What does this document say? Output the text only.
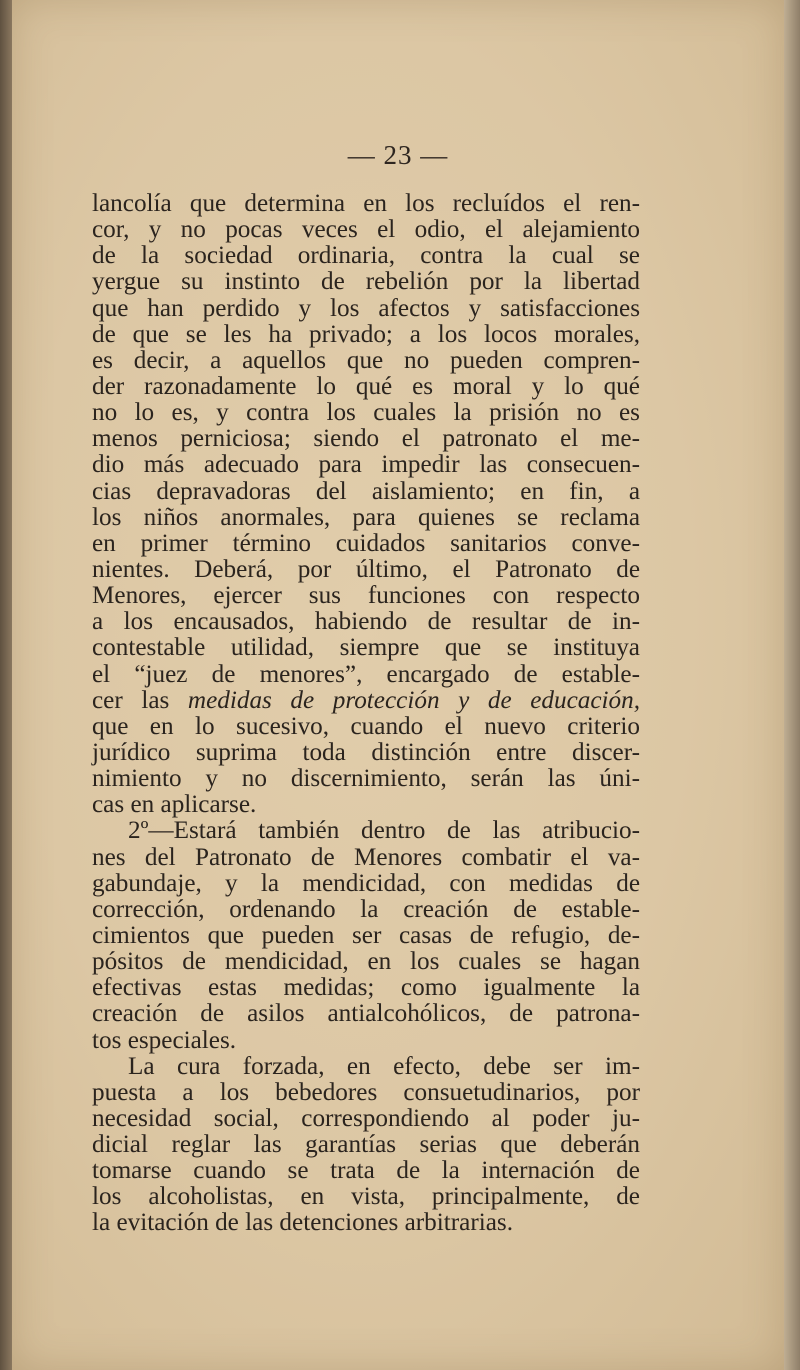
— 23 —
lancolía que determina en los recluídos el ren-
cor, y no pocas veces el odio, el alejamiento
de la sociedad ordinaria, contra la cual se
yergue su instinto de rebelión por la libertad
que han perdido y los afectos y satisfacciones
de que se les ha privado; a los locos morales,
es decir, a aquellos que no pueden compren-
der razonadamente lo qué es moral y lo qué
no lo es, y contra los cuales la prisión no es
menos perniciosa; siendo el patronato el me-
dio más adecuado para impedir las consecuen-
cias depravadoras del aislamiento; en fin, a
los niños anormales, para quienes se reclama
en primer término cuidados sanitarios conve-
nientes. Deberá, por último, el Patronato de
Menores, ejercer sus funciones con respecto
a los encausados, habiendo de resultar de in-
contestable utilidad, siempre que se instituya
el “juez de menores”, encargado de estable-
cer las medidas de protección y de educación,
que en lo sucesivo, cuando el nuevo criterio
jurídico suprima toda distinción entre discer-
nimiento y no discernimiento, serán las úni-
cas en aplicarse.
2º—Estará también dentro de las atribucio-
nes del Patronato de Menores combatir el va-
gabundaje, y la mendicidad, con medidas de
corrección, ordenando la creación de estable-
cimientos que pueden ser casas de refugio, de-
pósitos de mendicidad, en los cuales se hagan
efectivas estas medidas; como igualmente la
creación de asilos antialcohólicos, de patrona-
tos especiales.
La cura forzada, en efecto, debe ser im-
puesta a los bebedores consuetudinarios, por
necesidad social, correspondiendo al poder ju-
dicial reglar las garantías serias que deberán
tomarse cuando se trata de la internación de
los alcoholistas, en vista, principalmente, de
la evitación de las detenciones arbitrarias.
